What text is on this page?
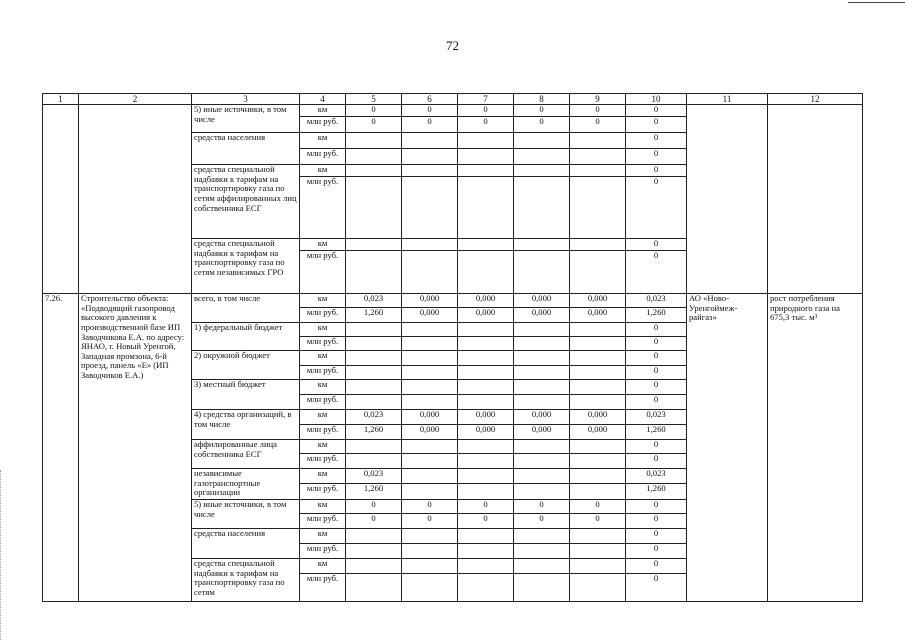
72
1	2	3	4	5	6	7	8	9	10	11	12
		5) иные источники, в том числе	км	0	0	0	0	0	0		
			млн руб.	0	0	0	0	0	0		
		средства населения	км						0		
			млн руб.						0		
		средства специальной надбавки к тарифам на транспортировку газа по сетям аффилированных лиц собственника ЕСГ	км						0		
			млн руб.						0		
		средства специальной надбавки к тарифам на транспортировку газа по сетям независимых ГРО	км						0		
			млн руб.						0		
7.26.	Строительство объекта: «Подводящий газопровод высокого давления к производственной базе ИП Заводчикова Е.А. по адресу: ЯНАО, г. Новый Уренгой, Западная промзона, 6-й проезд, панель «Е» (ИП Заводчиков Е.А.)	всего, в том числе	км	0,023	0,000	0,000	0,000	0,000	0,023	АО «Ново-Уренгоймеж-райгаз»	рост потребления природного газа на 675,3 тыс. м³
			млн руб.	1,260	0,000	0,000	0,000	0,000	1,260		
		1) федеральный бюджет	км						0		
			млн руб.						0		
		2) окружной бюджет	км						0		
			млн руб.						0		
		3) местный бюджет	км						0		
			млн руб.						0		
		4) средства организаций, в том числе	км	0,023	0,000	0,000	0,000	0,000	0,023		
			млн руб.	1,260	0,000	0,000	0,000	0,000	1,260		
		аффилированные лица собственника ЕСГ	км						0		
			млн руб.						0		
		независимые газотранспортные организации	км	0,023					0,023		
			млн руб.	1,260					1,260		
		5) иные источники, в том числе	км	0	0	0	0	0	0		
			млн руб.	0	0	0	0	0	0		
		средства населения	км						0		
			млн руб.						0		
		средства специальной надбавки к тарифам на транспортировку газа по сетям	км						0		
			млн руб.						0		
